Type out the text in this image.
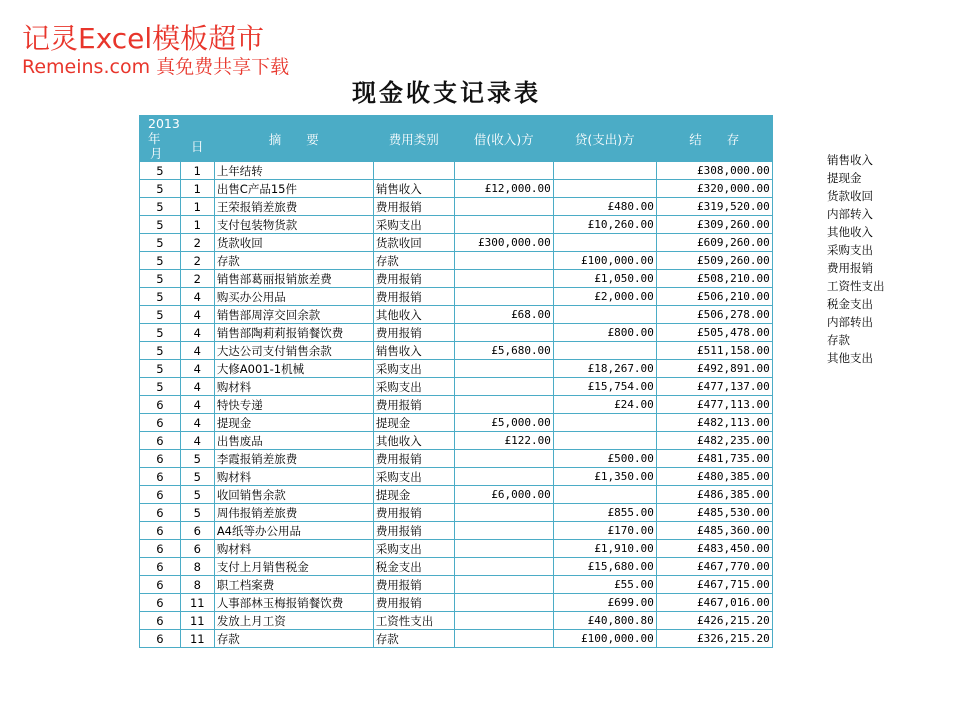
记灵Excel模板超市
Remeins.com 真免费共享下载
现金收支记录表
2013年
月	日	摘　　要	费用类别	借(收入)方	贷(支出)方	结　　存
5	1	上年结转				£308,000.00
5	1	出售C产品15件	销售收入	£12,000.00		£320,000.00
5	1	王荣报销差旅费	费用报销		£480.00	£319,520.00
5	1	支付包装物货款	采购支出		£10,260.00	£309,260.00
5	2	货款收回	货款收回	£300,000.00		£609,260.00
5	2	存款	存款		£100,000.00	£509,260.00
5	2	销售部葛丽报销旅差费	费用报销		£1,050.00	£508,210.00
5	4	购买办公用品	费用报销		£2,000.00	£506,210.00
5	4	销售部周淳交回余款	其他收入	£68.00		£506,278.00
5	4	销售部陶莉莉报销餐饮费	费用报销		£800.00	£505,478.00
5	4	大达公司支付销售余款	销售收入	£5,680.00		£511,158.00
5	4	大修A001-1机械	采购支出		£18,267.00	£492,891.00
5	4	购材料	采购支出		£15,754.00	£477,137.00
6	4	特快专递	费用报销		£24.00	£477,113.00
6	4	提现金	提现金	£5,000.00		£482,113.00
6	4	出售废品	其他收入	£122.00		£482,235.00
6	5	李霞报销差旅费	费用报销		£500.00	£481,735.00
6	5	购材料	采购支出		£1,350.00	£480,385.00
6	5	收回销售余款	提现金	£6,000.00		£486,385.00
6	5	周伟报销差旅费	费用报销		£855.00	£485,530.00
6	6	A4纸等办公用品	费用报销		£170.00	£485,360.00
6	6	购材料	采购支出		£1,910.00	£483,450.00
6	8	支付上月销售税金	税金支出		£15,680.00	£467,770.00
6	8	职工档案费	费用报销		£55.00	£467,715.00
6	11	人事部林玉梅报销餐饮费	费用报销		£699.00	£467,016.00
6	11	发放上月工资	工资性支出		£40,800.80	£426,215.20
6	11	存款	存款		£100,000.00	£326,215.20
销售收入
提现金
货款收回
内部转入
其他收入
采购支出
费用报销
工资性支出
税金支出
内部转出
存款
其他支出
